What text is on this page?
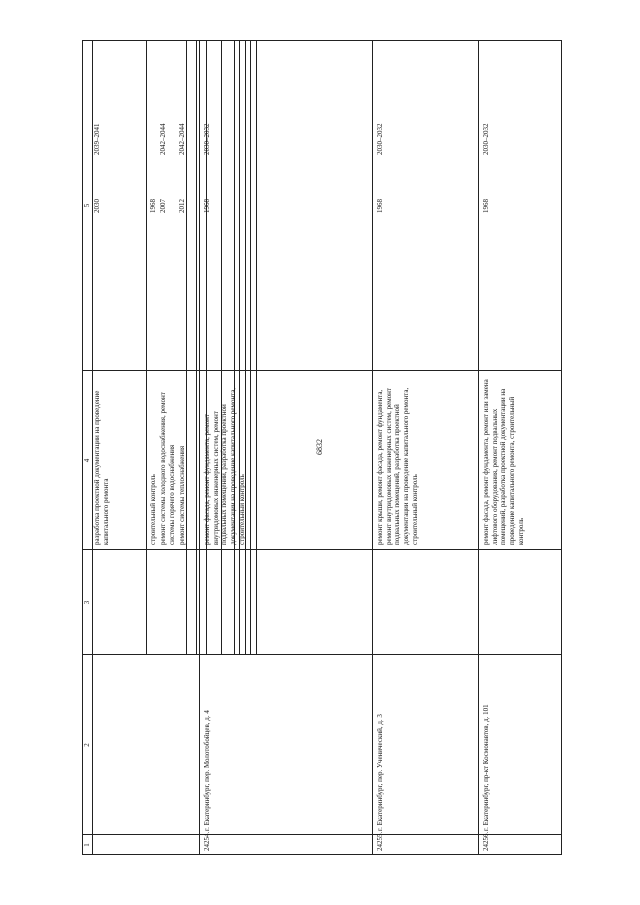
6832
1
2
3
4
5 2030
разработка проектной документации на проведение капитального ремонта
2039–2041
1968
строительный контроль
2007
ремонт системы холодного водоснабжения, ремонт системы горячего водоснабжения
2042–2044
2012
ремонт системы теплоснабжения
2042–2044
24254.
г. Екатеринбург, пер. Молотобойцев, д. 4
1968
ремонт фасада, ремонт фундамента, ремонт внутридомовых инженерных систем, ремонт подвальных помещений, разработка проектной документации на проведение капитального ремонта, строительный контроль
2030–2032
24255.
г. Екатеринбург, пер. Ученический, д. 3
1968
ремонт крыши, ремонт фасада, ремонт фундамента, ремонт внутридомовых инженерных систем, ремонт подвальных помещений, разработка проектной документации на проведение капитального ремонта, строительный контроль
2030–2032
24256.
г. Екатеринбург, пр-кт Космонавтов, д. 101
1968
ремонт фасада, ремонт фундамента, ремонт или замена лифтового оборудования, ремонт подвальных помещений, разработка проектной документации на проведение капитального ремонта, строительный контроль
2030–2032
